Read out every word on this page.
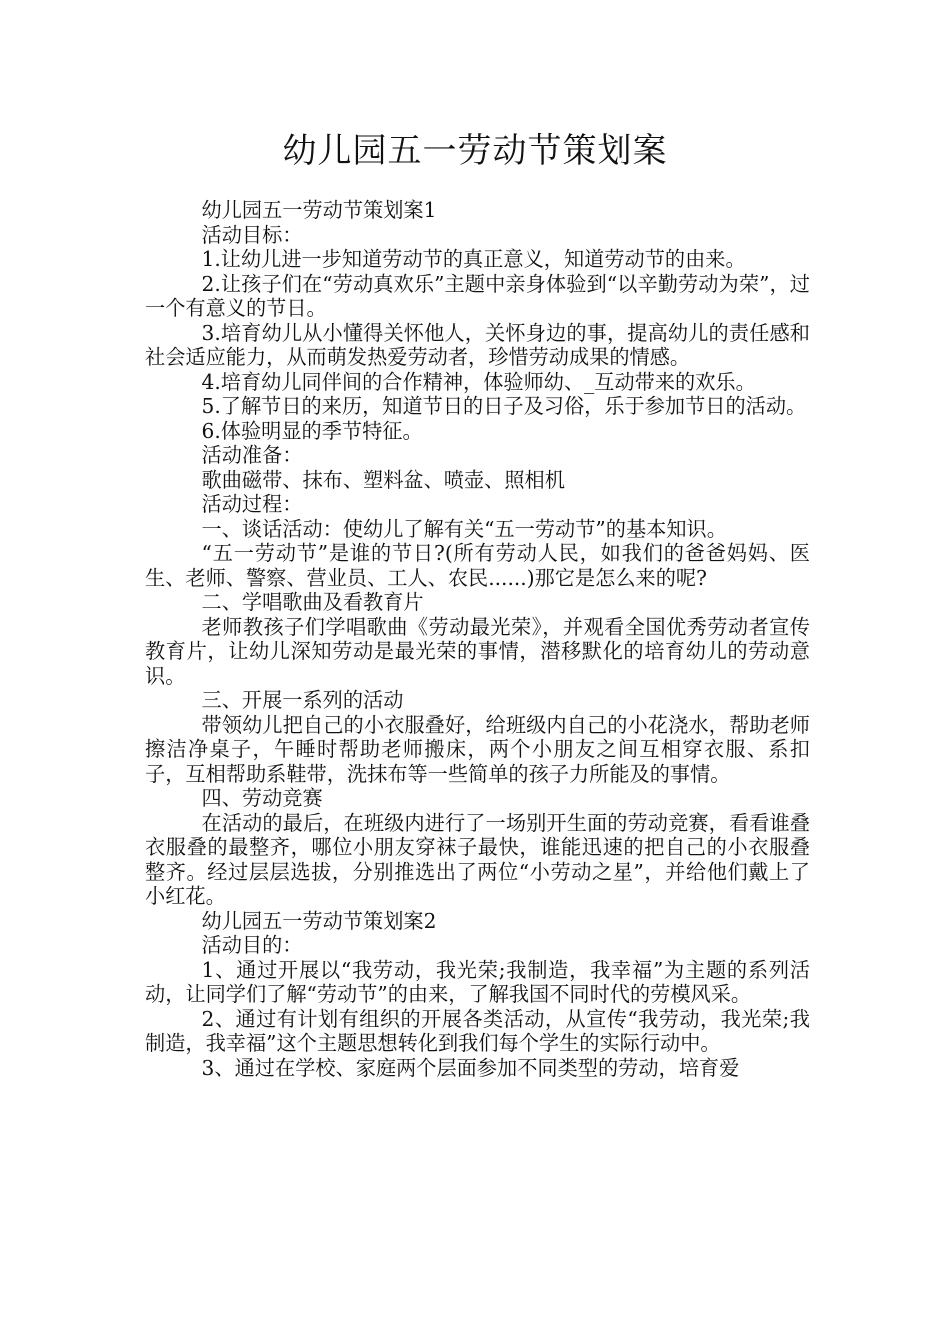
幼儿园五一劳动节策划案

幼儿园五一劳动节策划案1

活动目标：

1.让幼儿进一步知道劳动节的真正意义，知道劳动节的由来。

2.让孩子们在“劳动真欢乐”主题中亲身体验到“以辛勤劳动为荣”，过一个有意义的节日。

3.培育幼儿从小懂得关怀他人，关怀身边的事，提高幼儿的责任感和社会适应能力，从而萌发热爱劳动者，珍惜劳动成果的情感。

4.培育幼儿同伴间的合作精神，体验师幼、_互动带来的欢乐。

5.了解节日的来历，知道节日的日子及习俗，乐于参加节日的活动。

6.体验明显的季节特征。

活动准备：

歌曲磁带、抹布、塑料盆、喷壶、照相机

活动过程：

一、谈话活动：使幼儿了解有关“五一劳动节”的基本知识。

“五一劳动节”是谁的节日?(所有劳动人民，如我们的爸爸妈妈、医生、老师、警察、营业员、工人、农民......)那它是怎么来的呢?

二、学唱歌曲及看教育片

老师教孩子们学唱歌曲《劳动最光荣》，并观看全国优秀劳动者宣传教育片，让幼儿深知劳动是最光荣的事情，潜移默化的培育幼儿的劳动意识。

三、开展一系列的活动

带领幼儿把自己的小衣服叠好，给班级内自己的小花浇水，帮助老师擦洁净桌子，午睡时帮助老师搬床，两个小朋友之间互相穿衣服、系扣子，互相帮助系鞋带，洗抹布等一些简单的孩子力所能及的事情。

四、劳动竞赛

在活动的最后，在班级内进行了一场别开生面的劳动竞赛，看看谁叠衣服叠的最整齐，哪位小朋友穿袜子最快，谁能迅速的把自己的小衣服叠整齐。经过层层选拔，分别推选出了两位“小劳动之星”，并给他们戴上了小红花。

幼儿园五一劳动节策划案2

活动目的：

1、通过开展以“我劳动，我光荣;我制造，我幸福”为主题的系列活动，让同学们了解“劳动节”的由来，了解我国不同时代的劳模风采。

2、通过有计划有组织的开展各类活动，从宣传“我劳动，我光荣;我制造，我幸福”这个主题思想转化到我们每个学生的实际行动中。

3、通过在学校、家庭两个层面参加不同类型的劳动，培育爱
